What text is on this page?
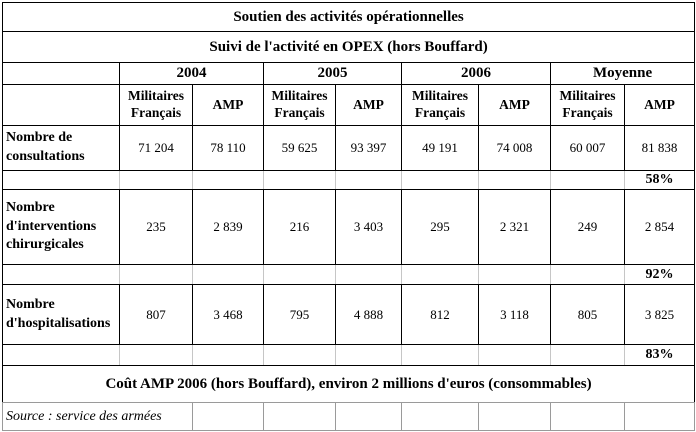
Soutien des activités opérationnelles								
Suivi de l'activité en OPEX (hors Bouffard)								
	2004		2005		2006		Moyenne	
	Militaires Français	AMP	Militaires Français	AMP	Militaires Français	AMP	Militaires Français	AMP
Nombre de consultations	71 204	78 110	59 625	93 397	49 191	74 008	60 007	81 838
								58%
Nombre d'interventions chirurgicales	235	2 839	216	3 403	295	2 321	249	2 854
								92%
Nombre d'hospitalisations	807	3 468	795	4 888	812	3 118	805	3 825
								83%
Coût AMP 2006 (hors Bouffard), environ 2 millions d'euros (consommables)								
Source : service des armées								
